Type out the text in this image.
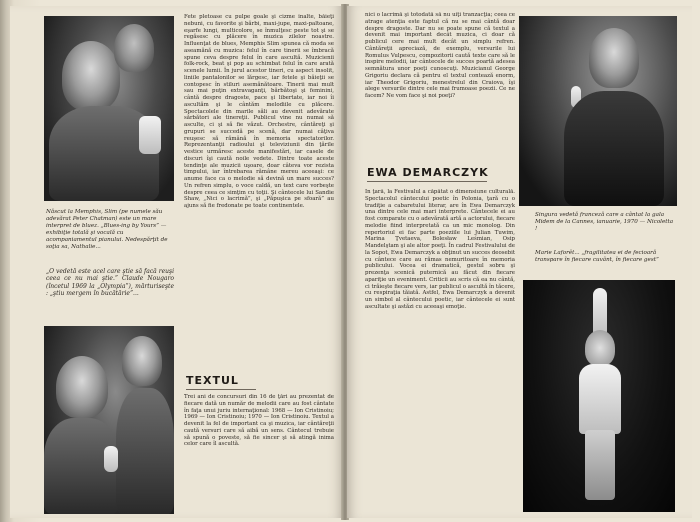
Născut la Memphis, Slim (pe numele său adevărat Peter Chatman) este un mare interpret de bluez. „Blues-ing by Yours” — exhibiţie totală şi vocală cu acompaniamentul pianului. Nedespărţit de soţia sa, Nathalie...

„O vedetă este acel care ştie să facă reuşi ceea ce nu mai ştie.” Claude Nougaro (încetul 1969 la „Olympia”), mărturiseşte : „ştiu mergem în bucătărie”...

Fete pletoase cu pulpe goale şi cizme înalte, băieţi nebuni, cu favorite şi bărbi, maxi-jupe, maxi-paltoane, eşarfe lungi, multicolore, se înmulţesc peste tot şi se regăsesc cu plăcere în muzica zilelor noastre. Influenţat de blues, Memphis Slim spunea că moda se aseamănă cu muzica: felul în care tinerii se îmbracă spune ceva despre felul în care ascultă. Muzicienii folk-rock, beat şi pop au schimbat felul în care arată scenele lumii. În jurul acestor tineri, cu aspect insolit, liniile pantalonilor se lărgesc, iar fetele şi băieţii se contopesc în stiluri asemănătoare. Tinerii mai mult sau mai puţin extravaganţi, bărbătoşi şi feminini, cântă despre dragoste, pace şi libertate, iar noi îi ascultăm şi le cântăm melodiile cu plăcere. Spectacolele din marile săli au devenit adevărate sărbători ale tinereţii. Publicul vine nu numai să asculte, ci şi să fie văzut. Orchestre, cântăreţi şi grupuri se succedă pe scenă, dar numai câţiva reuşesc să rămână în memoria spectatorilor. Reprezentanţii radioului şi televiziunii din ţările vestice urmăresc aceste manifestări, iar casele de discuri îşi caută noile vedete. Dintre toate aceste tendinţe ale muzicii uşoare, doar câteva vor rezista timpului, iar întrebarea rămâne mereu aceeaşi: ce anume face ca o melodie să devină un mare succes? Un refren simplu, o voce caldă, un text care vorbeşte despre ceea ce simţim cu toţii. Şi cântecele lui Sandie Shaw, „Nici o lacrimă”, şi „Păpuşica pe sfoară” au ajuns să fie fredonate pe toate continentele.

TEXTUL

Trei ani de concursuri din 16 de ţări au prezentat de fiecare dată un număr de melodii care au fost cântate în faţa unui juriu internaţional: 1968 — Ion Cristinoiu; 1969 — Ion Cristinoiu; 1970 — Ion Cristinoiu. Textul a devenit la fel de important ca şi muzica, iar cântăreţii caută versuri care să aibă un sens. Cântecul trebuie să spună o poveste, să fie sincer şi să atingă inima celor care îl ascultă.

nici o lacrimă şi totodată să nu uiţi tranzacţia; ceea ce atrage atenţia este faptul că nu se mai cântă doar despre dragoste. Dar nu se poate spune că textul a devenit mai important decât muzica, ci doar că publicul cere mai mult decât un simplu refren. Cântăreţii apreciază, de exemplu, versurile lui Romulus Vulpescu, compozitorii caută texte care să le inspire melodii, iar cântecele de succes poartă adesea semnătura unor poeţi cunoscuţi. Muzicianul George Grigoriu declara că pentru el textul contează enorm, iar Theodor Grigoriu, menestrelul din Craiova, îşi alege versurile dintre cele mai frumoase poezii. Ce ne facem? Ne vom face şi noi poeţi?

EWA DEMARCZYK

În ţară, la Festivalul a căpătat o dimensiune culturală. Spectacolul cântecului poetic în Polonia, ţară cu o tradiţie a cabaretului literar, are în Ewa Demarczyk una dintre cele mai mari interprete. Cântecele ei au fost comparate cu o adevărată artă a actorului, fiecare melodie fiind interpretată ca un mic monolog. Din repertoriul ei fac parte poeziile lui Julian Tuwim, Marina Ţvetaeva, Bolesław Leśmian, Osip Mandelştam şi ale altor poeţi. În cadrul Festivalului de la Sopot, Ewa Demarczyk a obţinut un succes deosebit cu cântece care au rămas nemuritoare în memoria publicului. Vocea ei dramatică, gestul sobru şi prezenţa scenică puternică au făcut din fiecare apariţie un eveniment. Criticii au scris că ea nu cântă, ci trăieşte fiecare vers, iar publicul o ascultă în tăcere, cu respiraţia tăiată. Astfel, Ewa Demarczyk a devenit un simbol al cântecului poetic, iar cântecele ei sunt ascultate şi astăzi cu aceeaşi emoţie.

Singura vedetă franceză care a cântat la gala Midem de la Cannes, ianuarie, 1970 — Nicoletta !

Marie Laforêt... „fragilitatea ei de fecioară transpare în fiecare cuvânt, în fiecare gest”
